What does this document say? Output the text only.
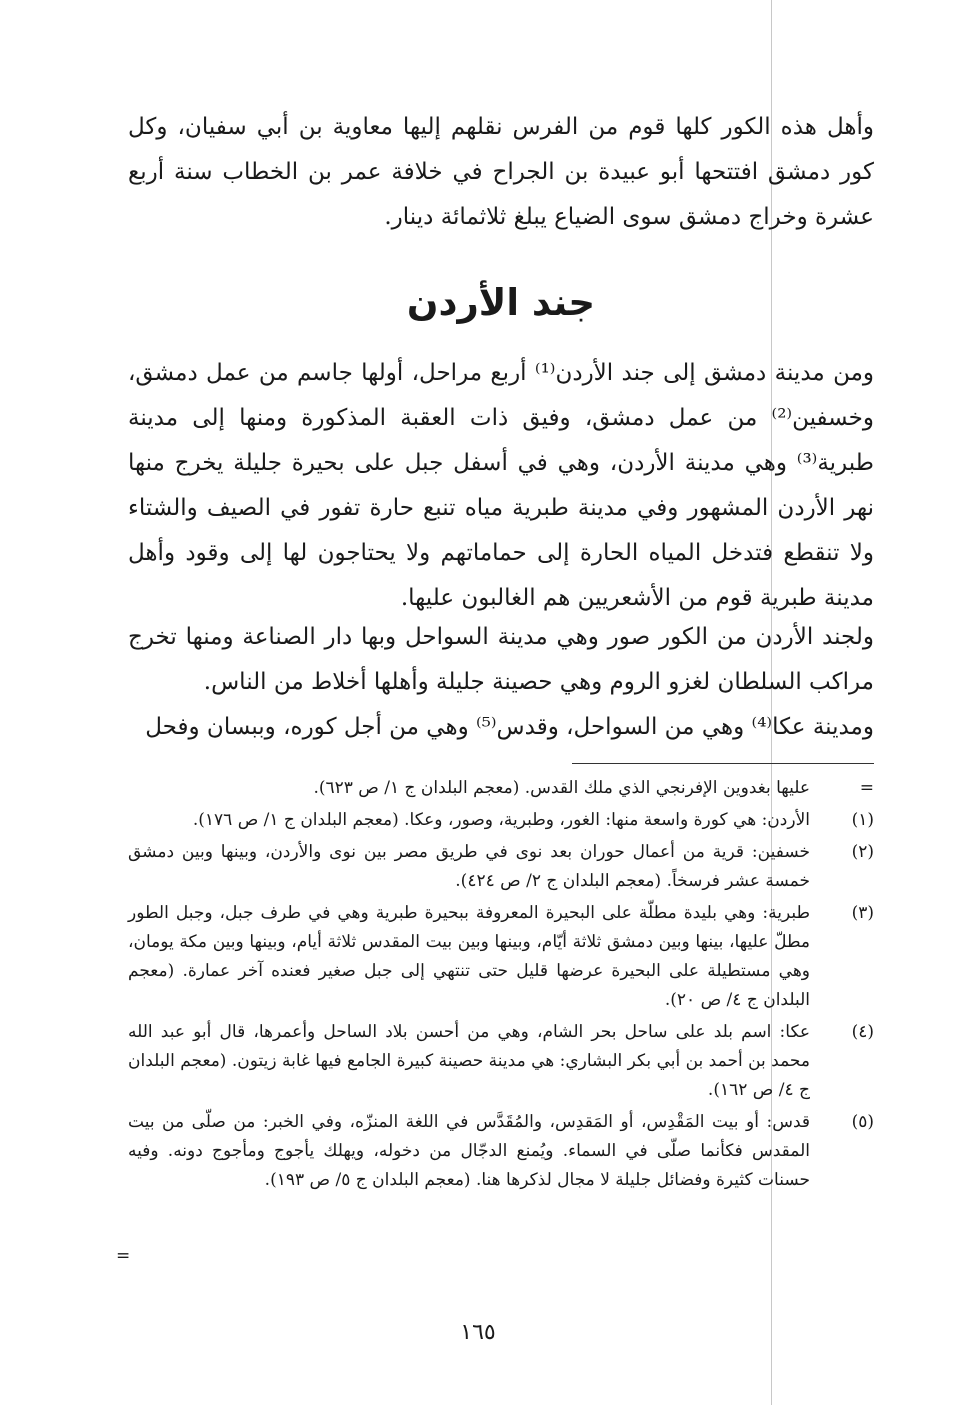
وأهل هذه الكور كلها قوم من الفرس نقلهم إليها معاوية بن أبي سفيان، وكل كور دمشق افتتحها أبو عبيدة بن الجراح في خلافة عمر بن الخطاب سنة أربع عشرة وخراج دمشق سوى الضياع يبلغ ثلاثمائة دينار.

جند الأردن

ومن مدينة دمشق إلى جند الأردن⁽¹⁾ أربع مراحل، أولها جاسم من عمل دمشق، وخسفين⁽²⁾ من عمل دمشق، وفيق ذات العقبة المذكورة ومنها إلى مدينة طبرية⁽³⁾ وهي مدينة الأردن، وهي في أسفل جبل على بحيرة جليلة يخرج منها نهر الأردن المشهور وفي مدينة طبرية مياه تنبع حارة تفور في الصيف والشتاء ولا تنقطع فتدخل المياه الحارة إلى حماماتهم ولا يحتاجون لها إلى وقود وأهل مدينة طبرية قوم من الأشعريين هم الغالبون عليها.

ولجند الأردن من الكور صور وهي مدينة السواحل وبها دار الصناعة ومنها تخرج مراكب السلطان لغزو الروم وهي حصينة جليلة وأهلها أخلاط من الناس.

ومدينة عكا⁽⁴⁾ وهي من السواحل، وقدس⁽⁵⁾ وهي من أجل كوره، وببسان وفحل

=
عليها بغدوين الإفرنجي الذي ملك القدس. (معجم البلدان ج ١/ ص ٦٢٣).
(١)
الأردن: هي كورة واسعة منها: الغور، وطبرية، وصور، وعكا. (معجم البلدان ج ١/ ص ١٧٦).
(٢)
خسفين: قرية من أعمال حوران بعد نوى في طريق مصر بين نوى والأردن، وبينها وبين دمشق خمسة عشر فرسخاً. (معجم البلدان ج ٢/ ص ٤٢٤).
(٣)
طبرية: وهي بليدة مطلّة على البحيرة المعروفة ببحيرة طبرية وهي في طرف جبل، وجبل الطور مطلّ عليها، بينها وبين دمشق ثلاثة أيّام، وبينها وبين بيت المقدس ثلاثة أيام، وبينها وبين مكة يومان، وهي مستطيلة على البحيرة عرضها قليل حتى تنتهي إلى جبل صغير فعنده آخر عمارة. (معجم البلدان ج ٤/ ص ٢٠).
(٤)
عكا: اسم بلد على ساحل بحر الشام، وهي من أحسن بلاد الساحل وأعمرها، قال أبو عبد الله محمد بن أحمد بن أبي بكر البشاري: هي مدينة حصينة كبيرة الجامع فيها غابة زيتون. (معجم البلدان ج ٤/ ص ١٦٢).
(٥)
قدس: أو بيت المَقْدِس، أو المَقدِس، والمُقَدَّس في اللغة المنزّه، وفي الخبر: من صلّى من بيت المقدس فكأنما صلّى في السماء. ويُمنع الدجّال من دخوله، ويهلك يأجوج ومأجوج دونه. وفيه حسنات كثيرة وفضائل جليلة لا مجال لذكرها هنا. (معجم البلدان ج ٥/ ص ١٩٣).
=
١٦٥
